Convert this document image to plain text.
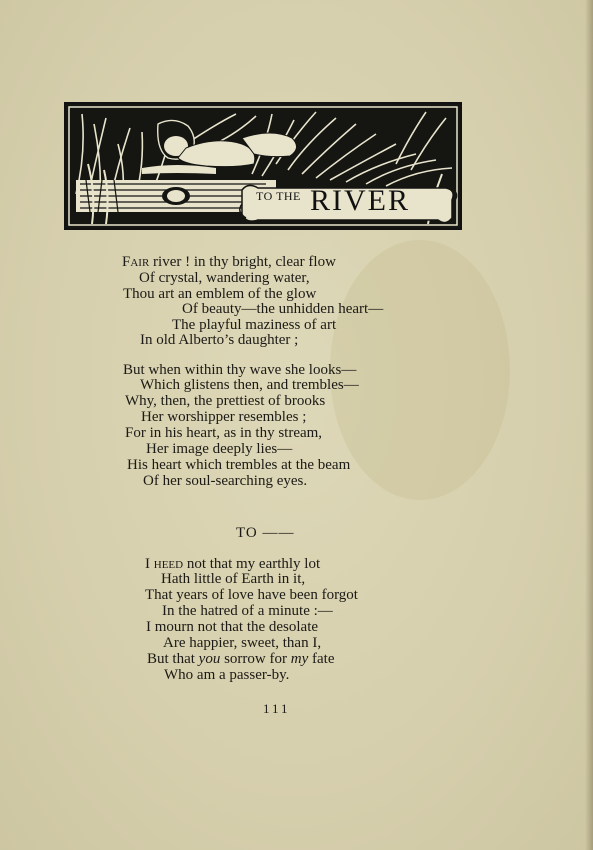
TO THE RIVER
Fair river ! in thy bright, clear flow
Of crystal, wandering water,
Thou art an emblem of the glow
Of beauty—the unhidden heart—
The playful maziness of art
In old Alberto’s daughter ;
But when within thy wave she looks—
Which glistens then, and trembles—
Why, then, the prettiest of brooks
Her worshipper resembles ;
For in his heart, as in thy stream,
Her image deeply lies—
His heart which trembles at the beam
Of her soul-searching eyes.
TO ——
I heed not that my earthly lot
Hath little of Earth in it,
That years of love have been forgot
In the hatred of a minute :—
I mourn not that the desolate
Are happier, sweet, than I,
But that you sorrow for my fate
Who am a passer-by.
111
